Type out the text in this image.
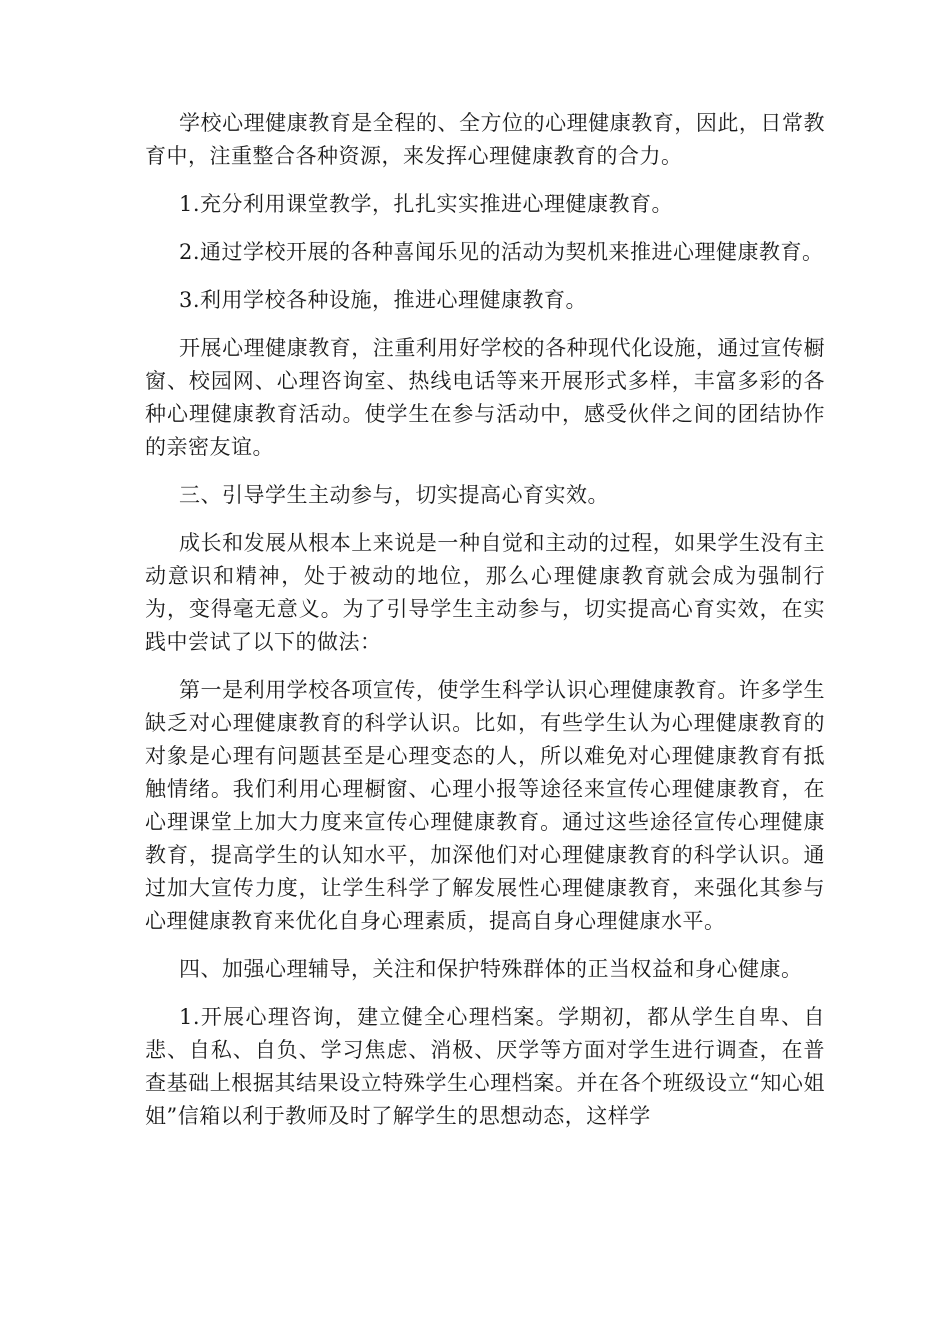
学校心理健康教育是全程的、全方位的心理健康教育，因此，日常教育中，注重整合各种资源，来发挥心理健康教育的合力。

1.充分利用课堂教学，扎扎实实推进心理健康教育。

2.通过学校开展的各种喜闻乐见的活动为契机来推进心理健康教育。

3.利用学校各种设施，推进心理健康教育。

开展心理健康教育，注重利用好学校的各种现代化设施，通过宣传橱窗、校园网、心理咨询室、热线电话等来开展形式多样，丰富多彩的各种心理健康教育活动。使学生在参与活动中，感受伙伴之间的团结协作的亲密友谊。

三、引导学生主动参与，切实提高心育实效。

成长和发展从根本上来说是一种自觉和主动的过程，如果学生没有主动意识和精神，处于被动的地位，那么心理健康教育就会成为强制行为，变得毫无意义。为了引导学生主动参与，切实提高心育实效，在实践中尝试了以下的做法：

第一是利用学校各项宣传，使学生科学认识心理健康教育。许多学生缺乏对心理健康教育的科学认识。比如，有些学生认为心理健康教育的对象是心理有问题甚至是心理变态的人，所以难免对心理健康教育有抵触情绪。我们利用心理橱窗、心理小报等途径来宣传心理健康教育，在心理课堂上加大力度来宣传心理健康教育。通过这些途径宣传心理健康教育，提高学生的认知水平，加深他们对心理健康教育的科学认识。通过加大宣传力度，让学生科学了解发展性心理健康教育，来强化其参与心理健康教育来优化自身心理素质，提高自身心理健康水平。

四、加强心理辅导，关注和保护特殊群体的正当权益和身心健康。

1.开展心理咨询，建立健全心理档案。学期初，都从学生自卑、自悲、自私、自负、学习焦虑、消极、厌学等方面对学生进行调查，在普查基础上根据其结果设立特殊学生心理档案。并在各个班级设立“知心姐姐”信箱以利于教师及时了解学生的思想动态，这样学
